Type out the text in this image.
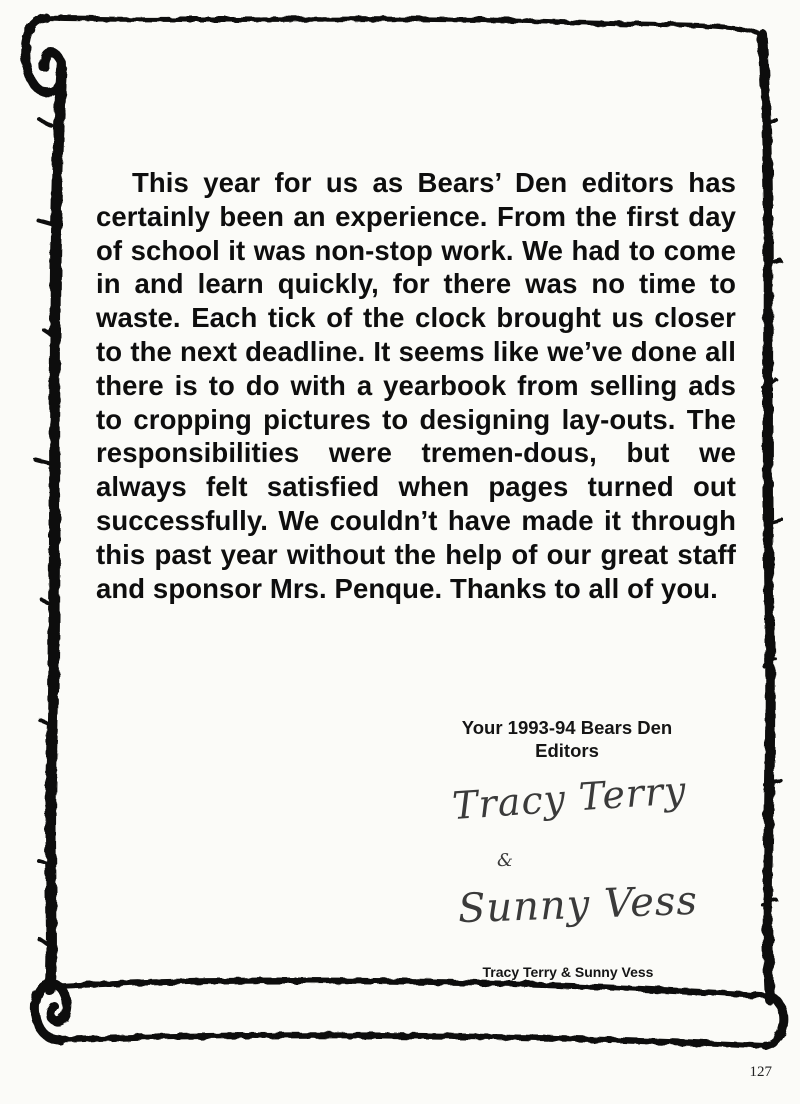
This year for us as Bears’ Den editors has certainly been an experience. From the first day of school it was non-stop work. We had to come in and learn quickly, for there was no time to waste. Each tick of the clock brought us closer to the next deadline. It seems like we’ve done all there is to do with a yearbook from selling ads to cropping pictures to designing lay-outs. The responsibilities were tremen-dous, but we always felt satisfied when pages turned out successfully. We couldn’t have made it through this past year without the help of our great staff and sponsor Mrs. Penque. Thanks to all of you.

Your 1993-94 Bears Den
Editors
Tracy Terry
&
Sunny Vess
Tracy Terry & Sunny Vess
127
